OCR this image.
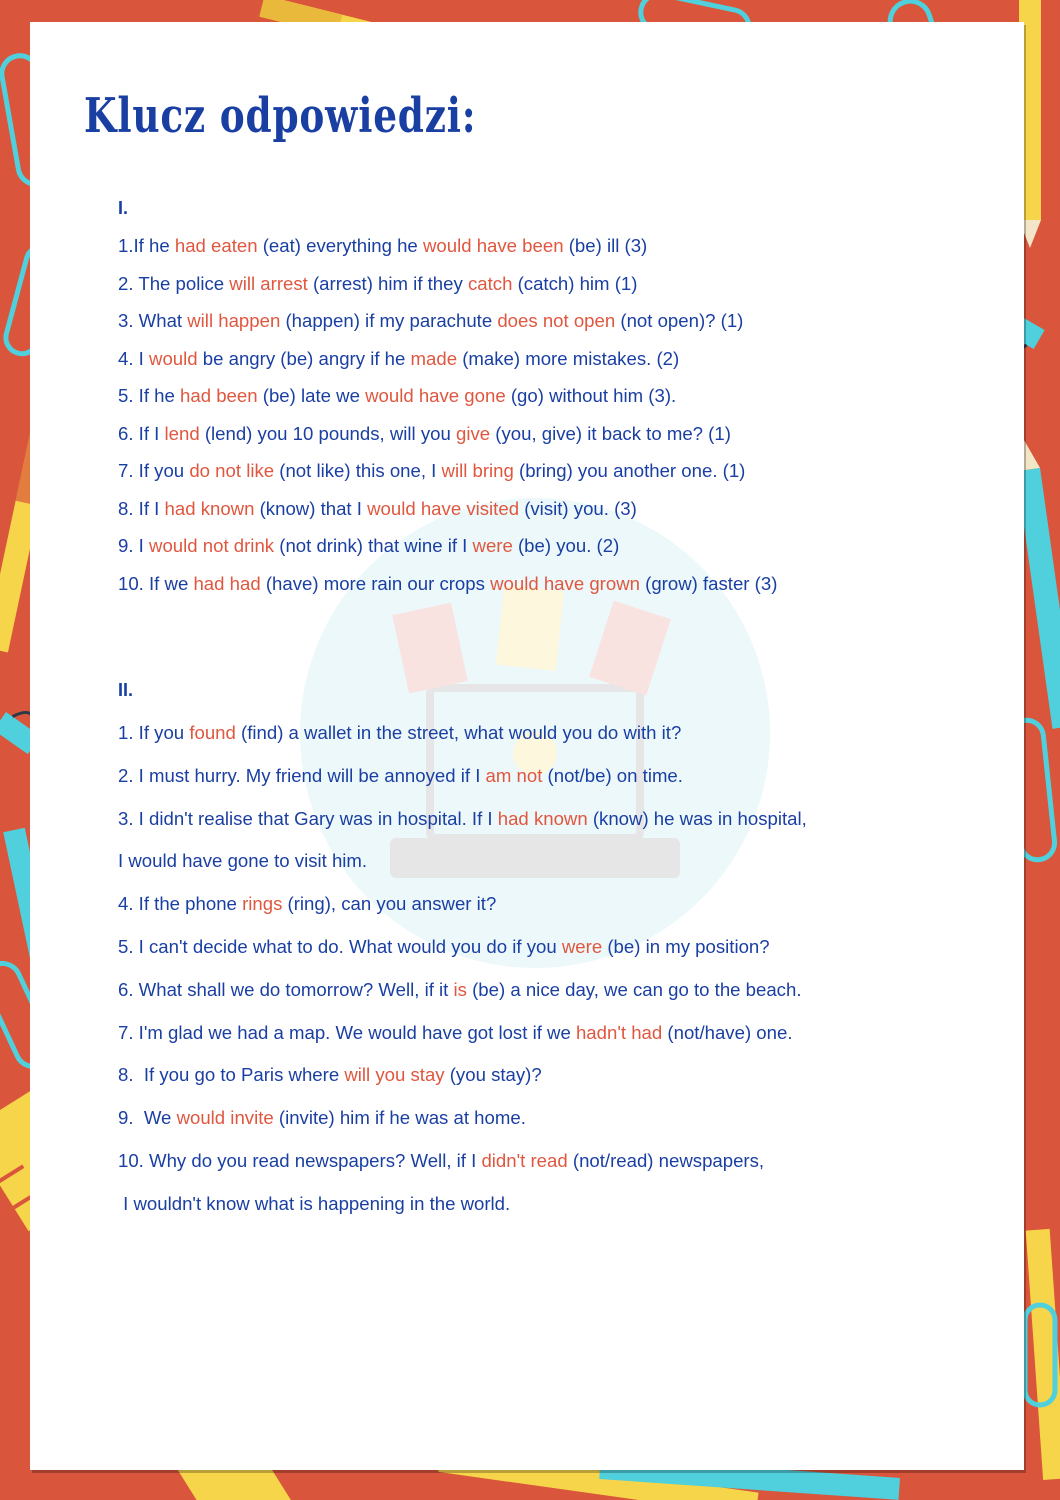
Klucz odpowiedzi:
I.
1.If he had eaten (eat) everything he would have been (be) ill (3)
2. The police will arrest (arrest) him if they catch (catch) him (1)
3. What will happen (happen) if my parachute does not open (not open)? (1)
4. I would be angry (be) angry if he made (make) more mistakes. (2)
5. If he had been (be) late we would have gone (go) without him (3).
6. If I lend (lend) you 10 pounds, will you give (you, give) it back to me? (1)
7. If you do not like (not like) this one, I will bring (bring) you another one. (1)
8. If I had known (know) that I would have visited (visit) you. (3)
9. I would not drink (not drink) that wine if I were (be) you. (2)
10. If we had had (have) more rain our crops would have grown (grow) faster (3)
II.
1. If you found (find) a wallet in the street, what would you do with it?
2. I must hurry. My friend will be annoyed if I am not (not/be) on time.
3. I didn't realise that Gary was in hospital. If I had known (know) he was in hospital,
I would have gone to visit him.
4. If the phone rings (ring), can you answer it?
5. I can't decide what to do. What would you do if you were (be) in my position?
6. What shall we do tomorrow? Well, if it is (be) a nice day, we can go to the beach.
7. I'm glad we had a map. We would have got lost if we hadn't had (not/have) one.
8.  If you go to Paris where will you stay (you stay)?
9.  We would invite (invite) him if he was at home.
10. Why do you read newspapers? Well, if I didn't read (not/read) newspapers,
I wouldn't know what is happening in the world.
